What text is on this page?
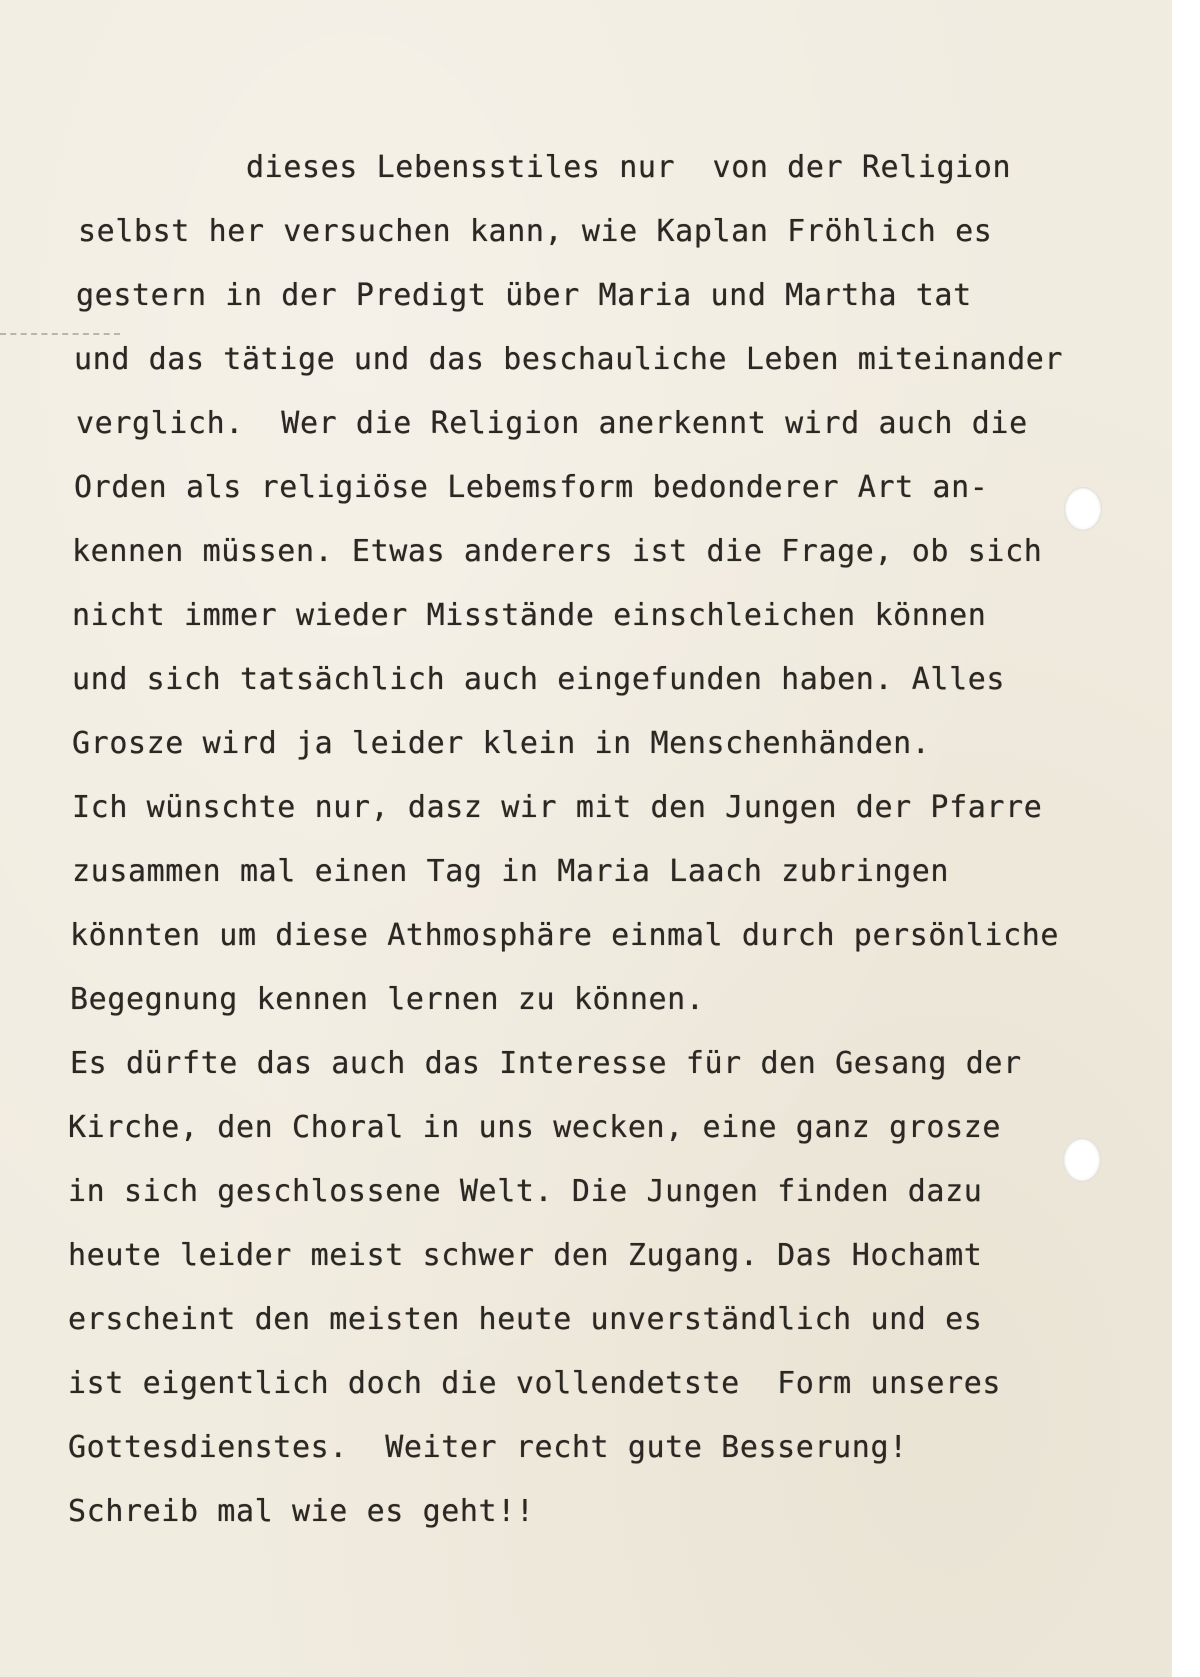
dieses Lebensstiles nur  von der Religion
selbst her versuchen kann, wie Kaplan Fröhlich es
gestern in der Predigt über Maria und Martha tat
und das tätige und das beschauliche Leben miteinander
verglich.  Wer die Religion anerkennt wird auch die
Orden als religiöse Lebemsform bedonderer Art an-
kennen müssen. Etwas andererѕ ist die Frage, ob sich
nicht immer wieder Misstände einschleichen können
und sich tatsächlich auch eingefunden haben. Alles
Grosze wird ja leider klein in Menschenhänden.
Ich wünschte nur, dasz wir mit den Jungen der Pfarre
zusammen mal einen Tag in Maria Laach zubringen
könnten um diese Athmosphäre einmal durch persönliche
Begegnung kennen lernen zu können.
Es dürfte das auch das Interesse für den Gesang der
Kirche, den Choral in uns wecken, eine ganz grosze
in sich geschlossene Welt. Die Jungen finden dazu
heute leider meist schwer den Zugang. Das Hochamt
erscheint den meisten heute unverständlich und es
ist eigentlich doch die vollendetste  Form unseres
Gottesdienstes.  Weiter recht gute Besserung!
Schreib mal wie es geht!!
